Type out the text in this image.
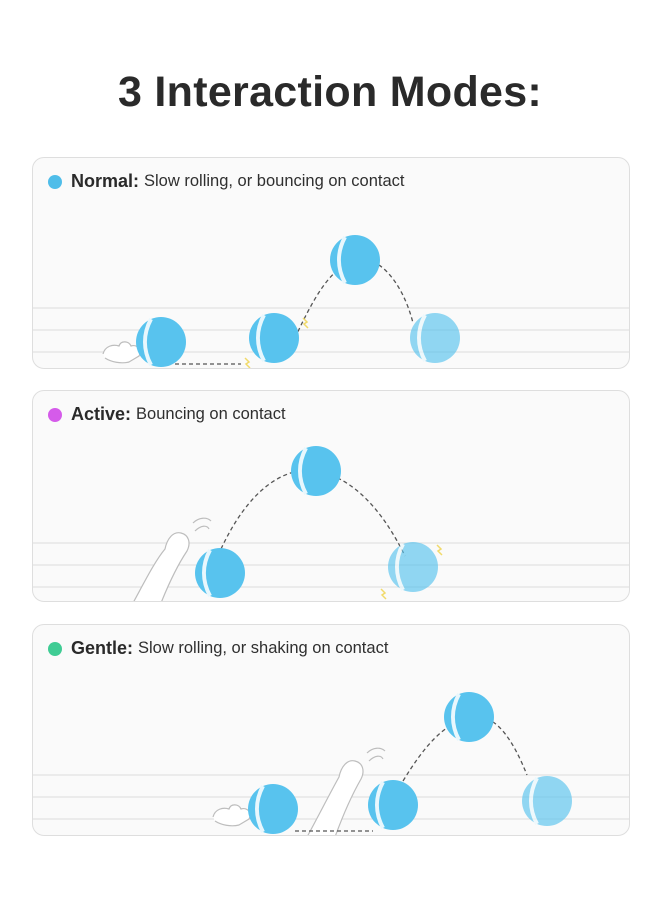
3 Interaction Modes:
Normal: Slow rolling, or bouncing on contact
Active: Bouncing on contact
Gentle: Slow rolling, or shaking on contact
